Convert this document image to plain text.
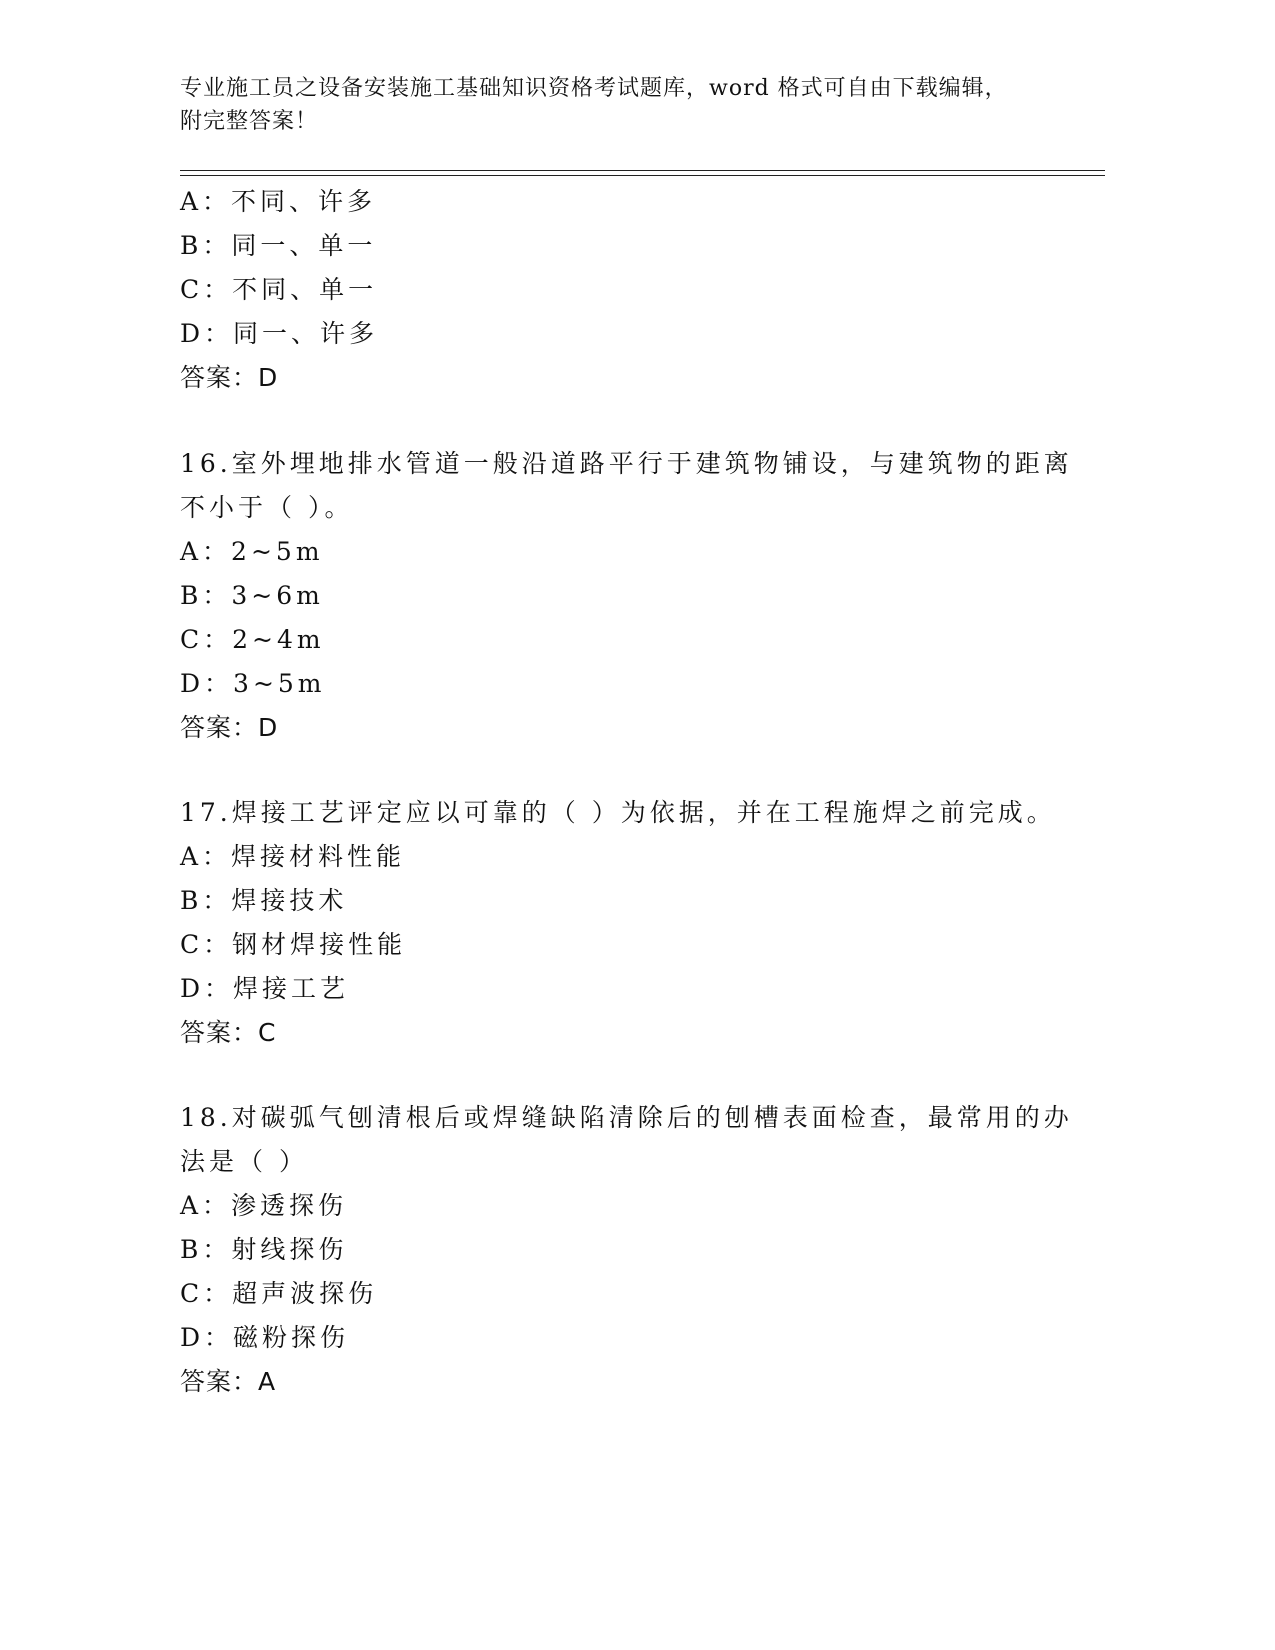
专业施工员之设备安装施工基础知识资格考试题库，word 格式可自由下载编辑，
附完整答案！
A：不同、许多
B：同一、单一
C：不同、单一
D：同一、许多
答案：D
16.室外埋地排水管道一般沿道路平行于建筑物铺设，与建筑物的距离
不小于（ ）。
A：2~5m
B：3~6m
C：2~4m
D：3~5m
答案：D
17.焊接工艺评定应以可靠的（ ）为依据，并在工程施焊之前完成。
A：焊接材料性能
B：焊接技术
C：钢材焊接性能
D：焊接工艺
答案：C
18.对碳弧气刨清根后或焊缝缺陷清除后的刨槽表面检查，最常用的办
法是（ ）
A：渗透探伤
B：射线探伤
C：超声波探伤
D：磁粉探伤
答案：A
